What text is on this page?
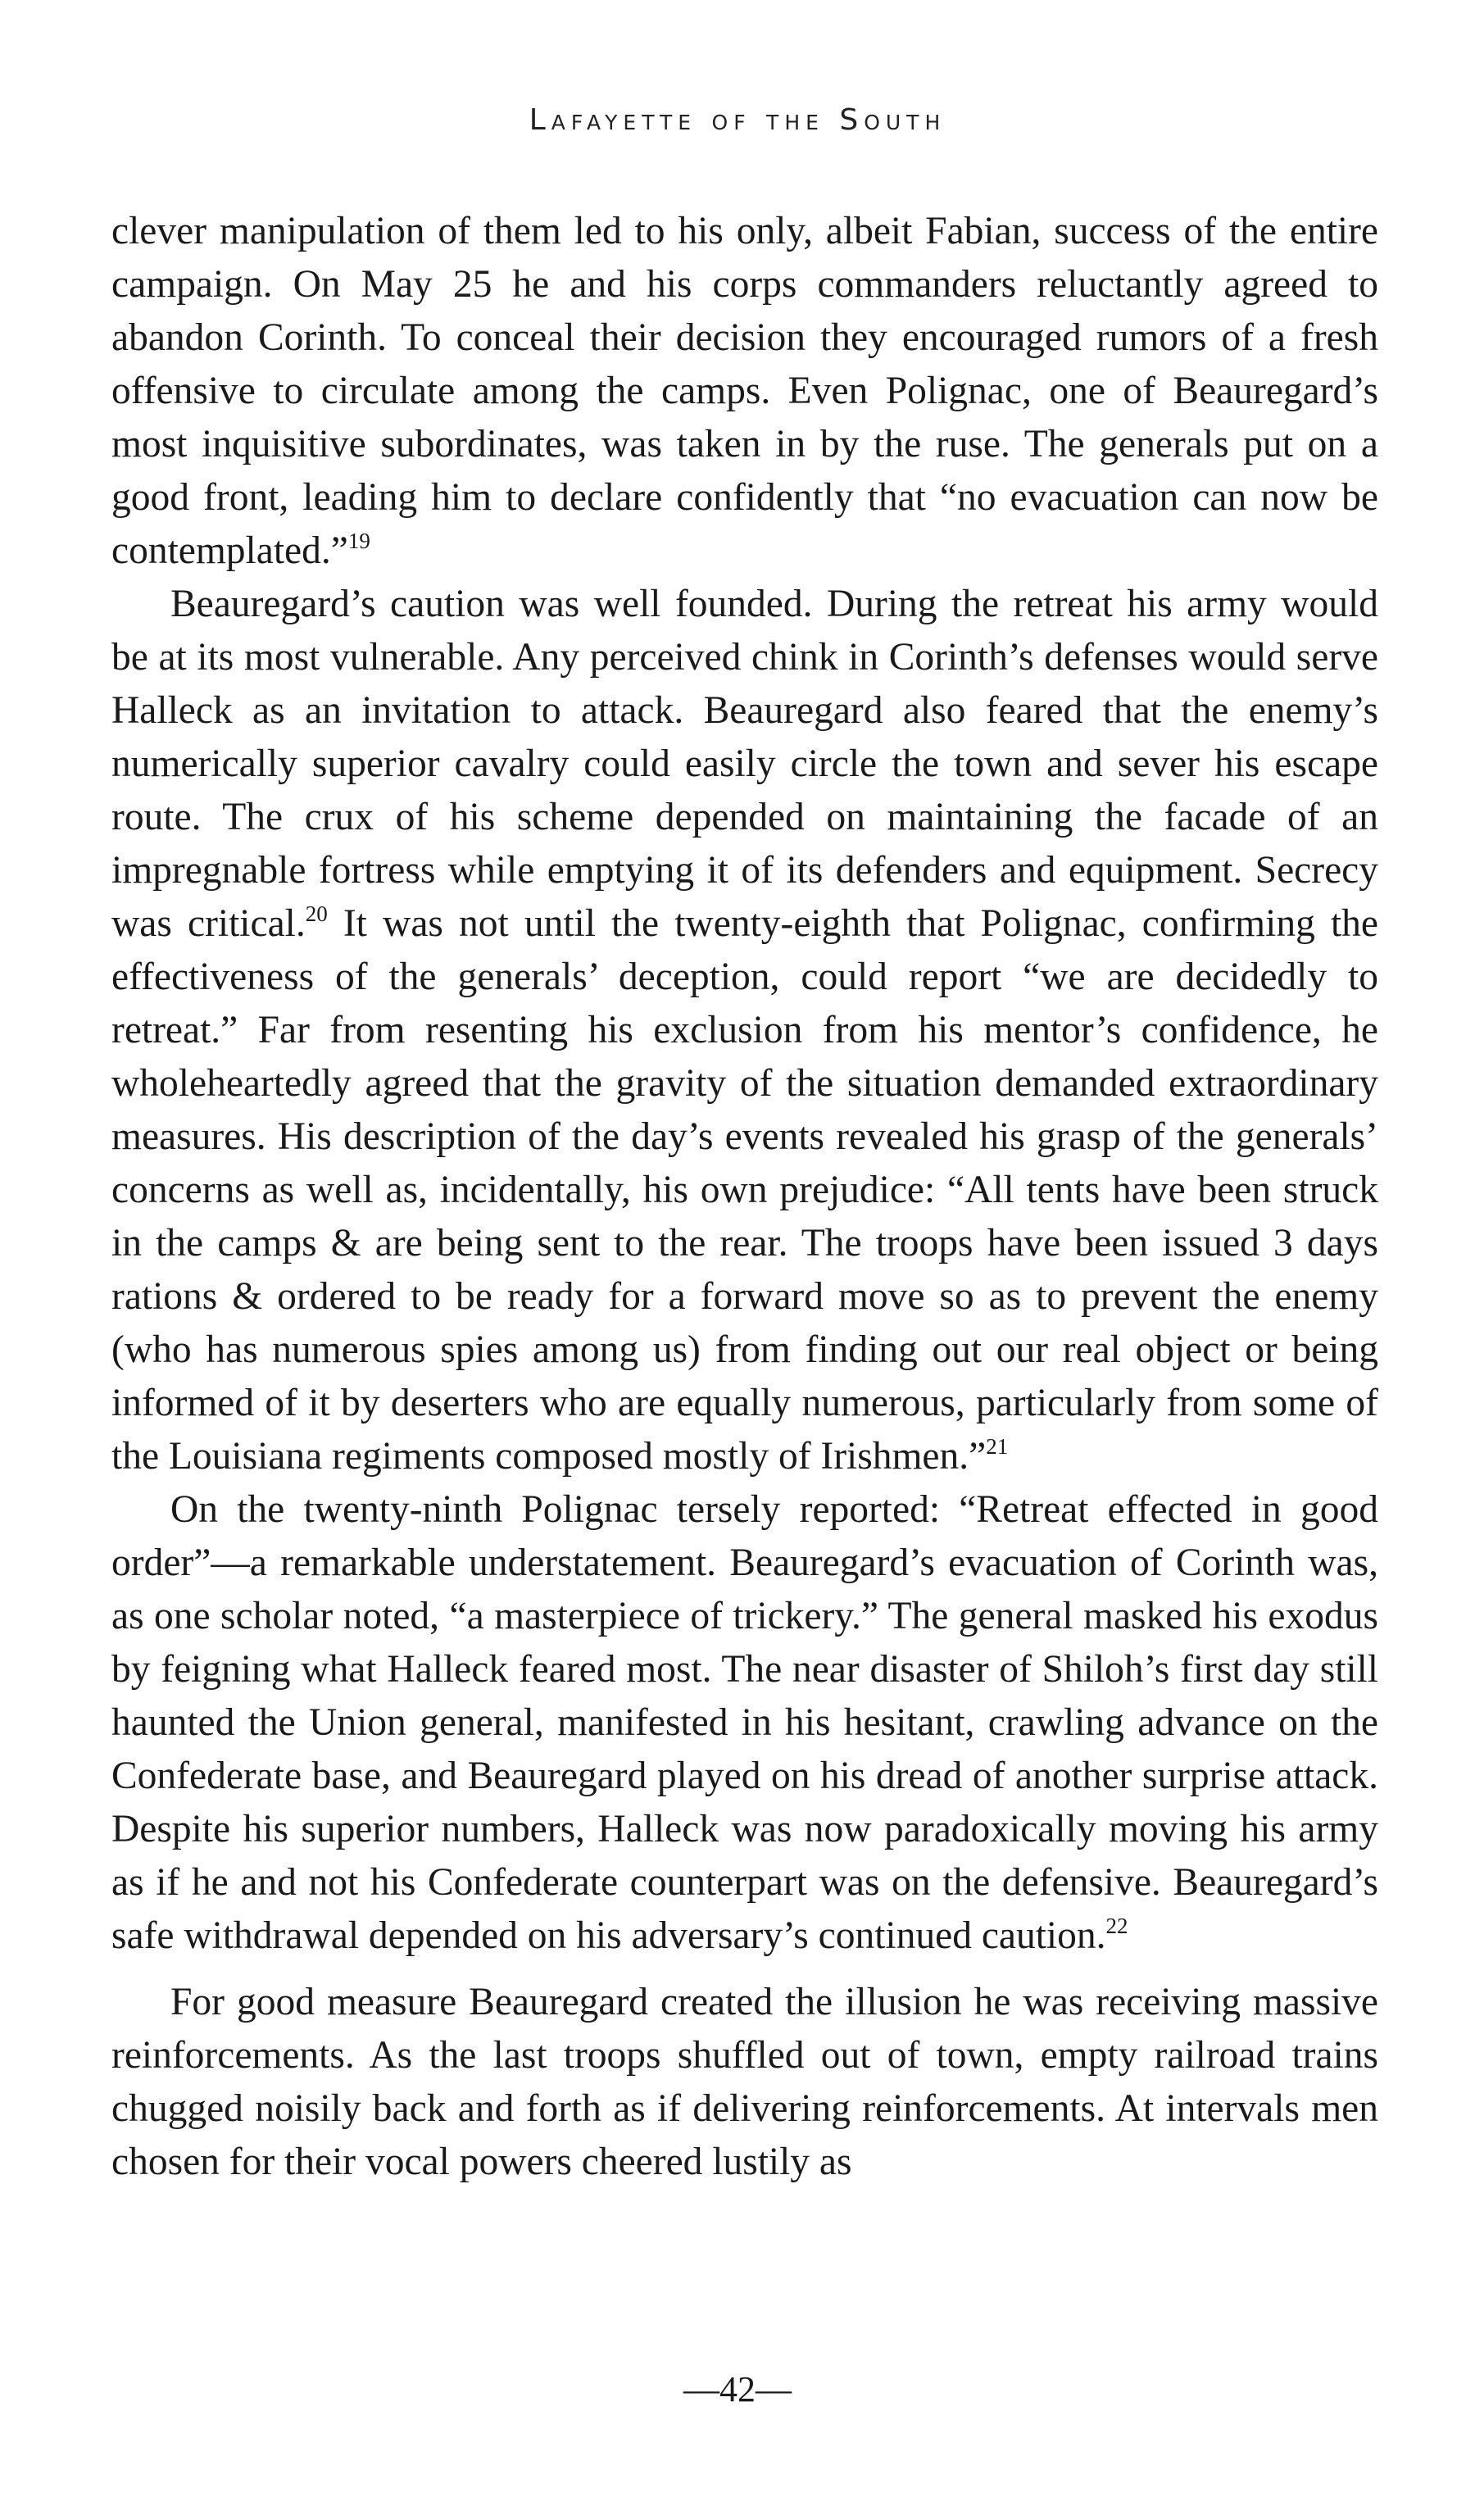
Lafayette of the South

clever manipulation of them led to his only, albeit Fabian, success of the entire campaign. On May 25 he and his corps commanders reluctantly agreed to abandon Corinth. To conceal their decision they encouraged rumors of a fresh offensive to circulate among the camps. Even Polignac, one of Beauregard’s most inquisitive subordinates, was taken in by the ruse. The generals put on a good front, leading him to declare confidently that “no evacuation can now be contemplated.”$^{19}$

Beauregard’s caution was well founded. During the retreat his army would be at its most vulnerable. Any perceived chink in Corinth’s defenses would serve Halleck as an invitation to attack. Beauregard also feared that the enemy’s numerically superior cavalry could easily circle the town and sever his escape route. The crux of his scheme depended on maintaining the facade of an impregnable fortress while emptying it of its defenders and equipment. Secrecy was critical.$^{20}$ It was not until the twenty-eighth that Polignac, confirming the effectiveness of the generals’ deception, could report “we are decidedly to retreat.” Far from resenting his exclusion from his mentor’s confidence, he wholeheartedly agreed that the gravity of the situation demanded extraordinary measures. His description of the day’s events revealed his grasp of the generals’ concerns as well as, incidentally, his own prejudice: “All tents have been struck in the camps & are being sent to the rear. The troops have been issued 3 days rations & ordered to be ready for a forward move so as to prevent the enemy (who has numerous spies among us) from finding out our real object or being informed of it by deserters who are equally numerous, particularly from some of the Louisiana regiments composed mostly of Irishmen.”$^{21}$

On the twenty-ninth Polignac tersely reported: “Retreat effected in good order”—a remarkable understatement. Beauregard’s evacuation of Corinth was, as one scholar noted, “a masterpiece of trickery.” The general masked his exodus by feigning what Halleck feared most. The near disaster of Shiloh’s first day still haunted the Union general, manifested in his hesitant, crawling advance on the Confederate base, and Beauregard played on his dread of another surprise attack. Despite his superior numbers, Halleck was now paradoxically moving his army as if he and not his Confederate counterpart was on the defensive. Beauregard’s safe withdrawal depended on his adversary’s continued caution.$^{22}$

For good measure Beauregard created the illusion he was receiving massive reinforcements. As the last troops shuffled out of town, empty railroad trains chugged noisily back and forth as if delivering reinforcements. At intervals men chosen for their vocal powers cheered lustily as

—42—
